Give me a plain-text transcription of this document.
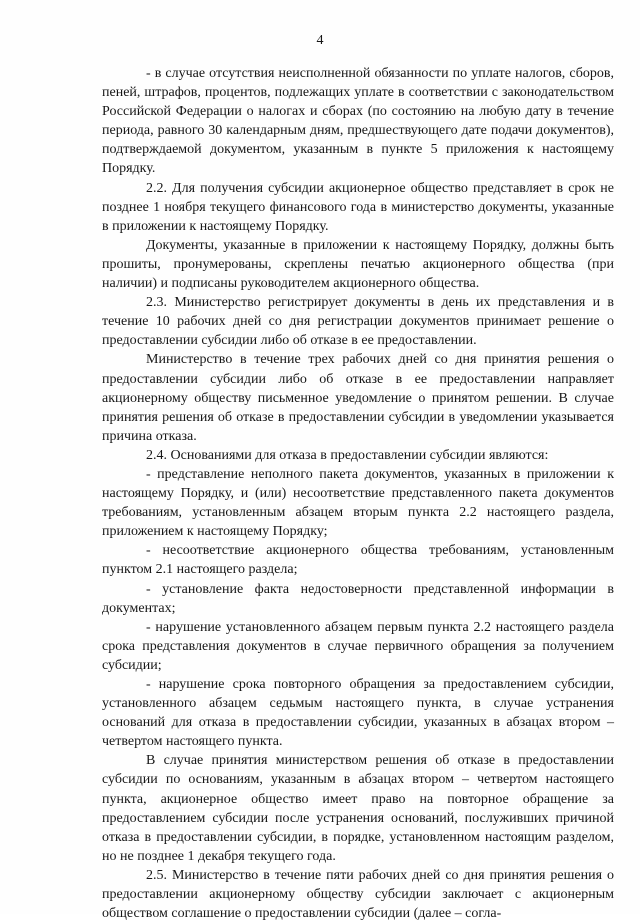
4

- в случае отсутствия неисполненной обязанности по уплате налогов, сборов, пеней, штрафов, процентов, подлежащих уплате в соответствии с законодательством Российской Федерации о налогах и сборах (по состоянию на любую дату в течение периода, равного 30 календарным дням, предшествующего дате подачи документов), подтверждаемой документом, указанным в пункте 5 приложения к настоящему Порядку.

2.2. Для получения субсидии акционерное общество представляет в срок не позднее 1 ноября текущего финансового года в министерство документы, указанные в приложении к настоящему Порядку.

Документы, указанные в приложении к настоящему Порядку, должны быть прошиты, пронумерованы, скреплены печатью акционерного общества (при наличии) и подписаны руководителем акционерного общества.

2.3. Министерство регистрирует документы в день их представления и в течение 10 рабочих дней со дня регистрации документов принимает решение о предоставлении субсидии либо об отказе в ее предоставлении.

Министерство в течение трех рабочих дней со дня принятия решения о предоставлении субсидии либо об отказе в ее предоставлении направляет акционерному обществу письменное уведомление о принятом решении. В случае принятия решения об отказе в предоставлении субсидии в уведомлении указывается причина отказа.

2.4. Основаниями для отказа в предоставлении субсидии являются:

- представление неполного пакета документов, указанных в приложении к настоящему Порядку, и (или) несоответствие представленного пакета документов требованиям, установленным абзацем вторым пункта 2.2 настоящего раздела, приложением к настоящему Порядку;

- несоответствие акционерного общества требованиям, установленным пунктом 2.1 настоящего раздела;

- установление факта недостоверности представленной информации в документах;

- нарушение установленного абзацем первым пункта 2.2 настоящего раздела срока представления документов в случае первичного обращения за получением субсидии;

- нарушение срока повторного обращения за предоставлением субсидии, установленного абзацем седьмым настоящего пункта, в случае устранения оснований для отказа в предоставлении субсидии, указанных в абзацах втором – четвертом настоящего пункта.

В случае принятия министерством решения об отказе в предоставлении субсидии по основаниям, указанным в абзацах втором – четвертом настоящего пункта, акционерное общество имеет право на повторное обращение за предоставлением субсидии после устранения оснований, послуживших причиной отказа в предоставлении субсидии, в порядке, установленном настоящим разделом, но не позднее 1 декабря текущего года.

2.5. Министерство в течение пяти рабочих дней со дня принятия решения о предоставлении акционерному обществу субсидии заключает с акционерным обществом соглашение о предоставлении субсидии (далее – согла-
